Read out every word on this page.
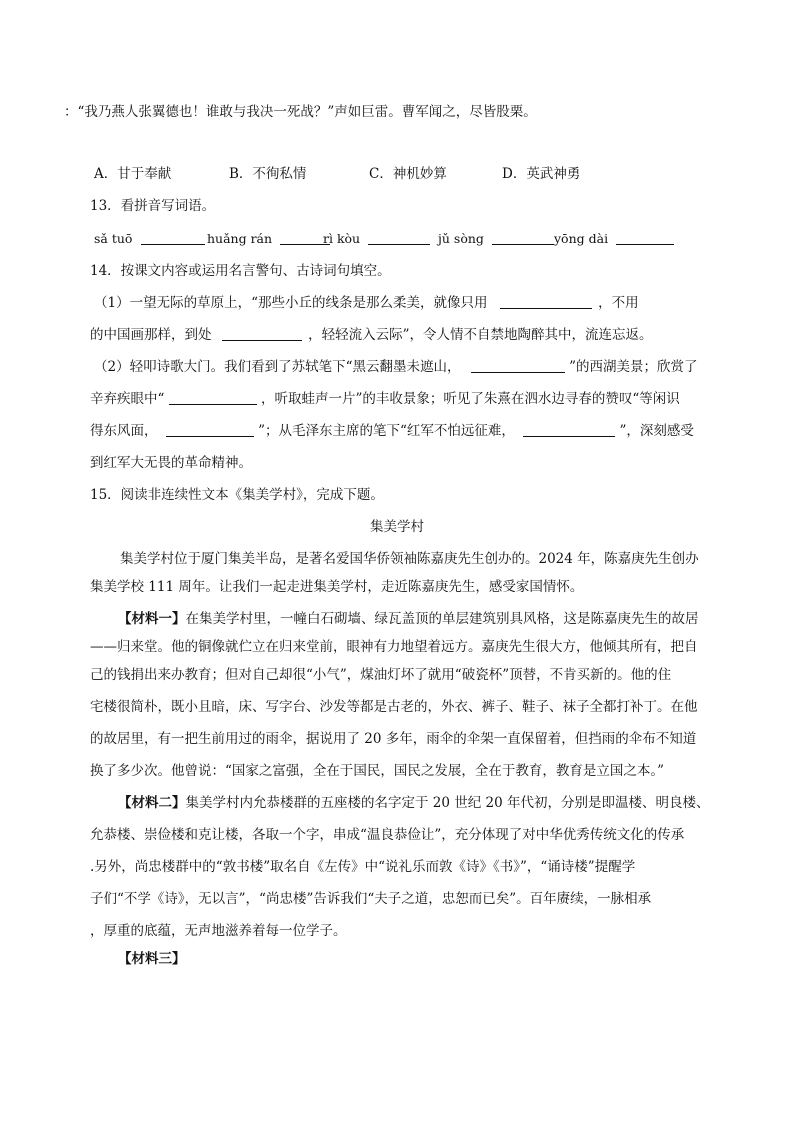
：“我乃燕人张翼德也！谁敢与我决一死战？”声如巨雷。曹军闻之，尽皆股栗。
A．甘于奉献	B．不徇私情	C．神机妙算	D．英武神勇
13．看拼音写词语。
sǎ tuō	huǎng rán	rì kòu	jǔ sòng	yōng dài
14．按课文内容或运用名言警句、古诗词句填空。
（1）一望无际的草原上，“那些小丘的线条是那么柔美，就像只用	，不用
的中国画那样，到处	，轻轻流入云际”，令人情不自禁地陶醉其中，流连忘返。
（2）轻叩诗歌大门。我们看到了苏轼笔下“黑云翻墨未遮山，	”的西湖美景；欣赏了
辛弃疾眼中“	，听取蛙声一片”的丰收景象；听见了朱熹在泗水边寻春的赞叹“等闲识
得东风面，	”；从毛泽东主席的笔下“红军不怕远征难，	”，深刻感受
到红军大无畏的革命精神。
15．阅读非连续性文本《集美学村》，完成下题。
集美学村
集美学村位于厦门集美半岛，是著名爱国华侨领袖陈嘉庚先生创办的。2024 年，陈嘉庚先生创办
集美学校 111 周年。让我们一起走进集美学村，走近陈嘉庚先生，感受家国情怀。
【材料一】在集美学村里，一幢白石砌墙、绿瓦盖顶的单层建筑别具风格，这是陈嘉庚先生的故居
——归来堂。他的铜像就伫立在归来堂前，眼神有力地望着远方。嘉庚先生很大方，他倾其所有，把自
己的钱捐出来办教育；但对自己却很“小气”，煤油灯坏了就用“破瓷杯”顶替，不肯买新的。他的住
宅楼很简朴，既小且暗，床、写字台、沙发等都是古老的，外衣、裤子、鞋子、袜子全都打补丁。在他
的故居里，有一把生前用过的雨伞，据说用了 20 多年，雨伞的伞架一直保留着，但挡雨的伞布不知道
换了多少次。他曾说：“国家之富强，全在于国民，国民之发展，全在于教育，教育是立国之本。”
【材料二】集美学村内允恭楼群的五座楼的名字定于 20 世纪 20 年代初，分别是即温楼、明良楼、
允恭楼、崇俭楼和克让楼，各取一个字，串成“温良恭俭让”，充分体现了对中华优秀传统文化的传承
.另外，尚忠楼群中的“敦书楼”取名自《左传》中“说礼乐而敦《诗》《书》”，“诵诗楼”提醒学
子们“不学《诗》，无以言”，“尚忠楼”告诉我们“夫子之道，忠恕而已矣”。百年赓续，一脉相承
，厚重的底蕴，无声地滋养着每一位学子。
【材料三】
